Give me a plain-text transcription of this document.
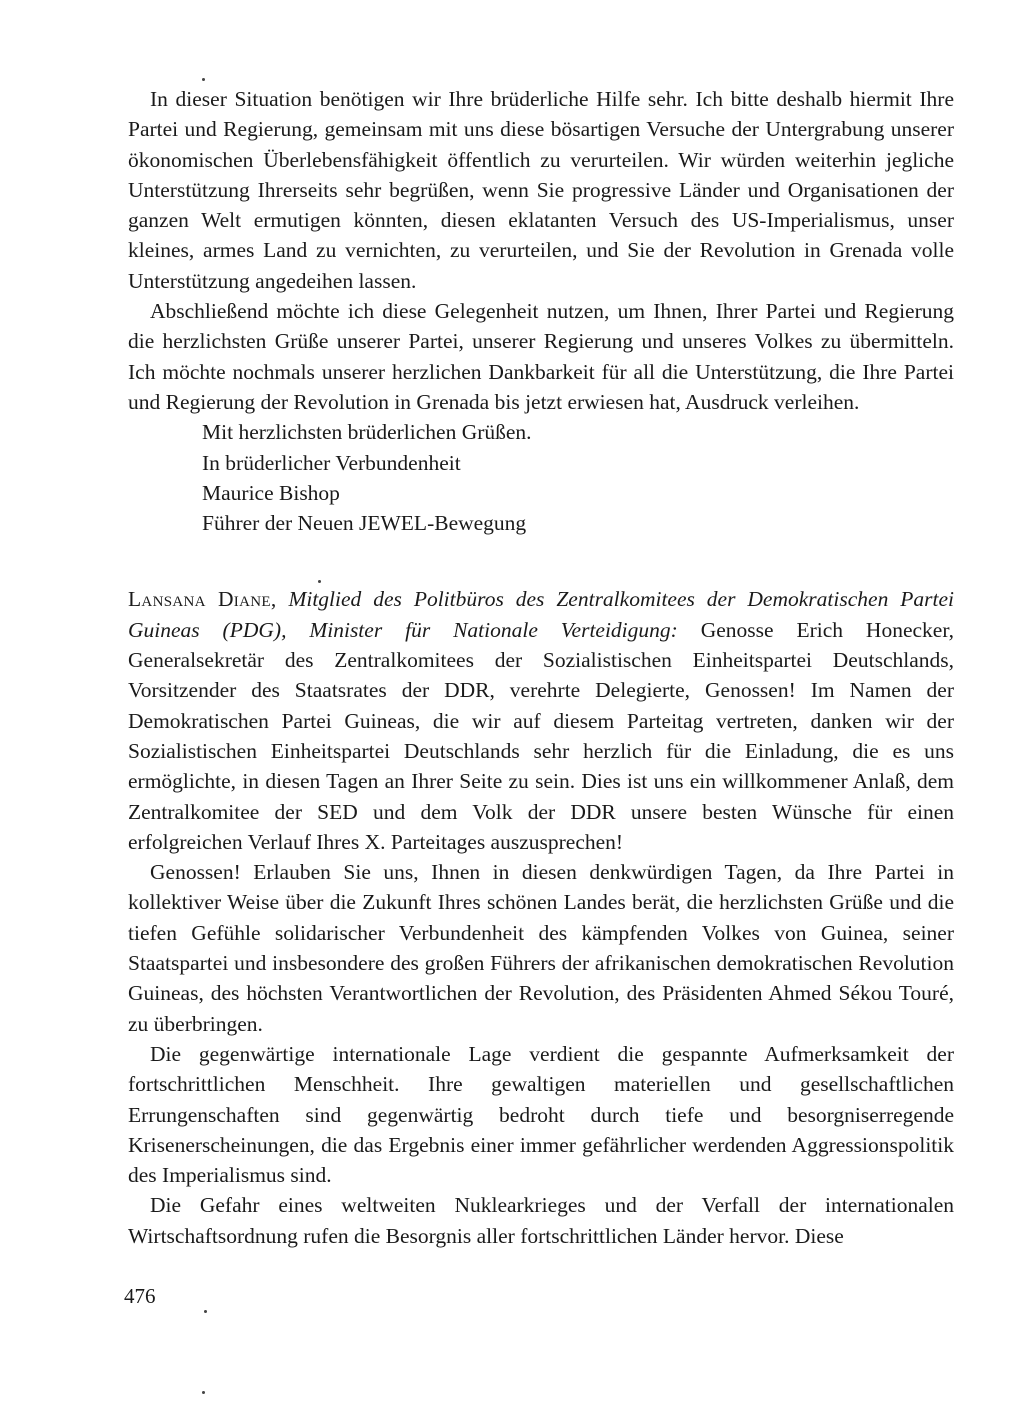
In dieser Situation benötigen wir Ihre brüderliche Hilfe sehr. Ich bitte deshalb hiermit Ihre Partei und Regierung, gemeinsam mit uns diese bösartigen Versuche der Untergrabung unserer ökonomischen Überlebensfähigkeit öffentlich zu verurteilen. Wir würden weiterhin jegliche Unterstützung Ihrerseits sehr begrüßen, wenn Sie progressive Länder und Organisationen der ganzen Welt ermutigen könnten, diesen eklatanten Versuch des US-Imperialismus, unser kleines, armes Land zu vernichten, zu verurteilen, und Sie der Revolution in Grenada volle Unterstützung angedeihen lassen.

Abschließend möchte ich diese Gelegenheit nutzen, um Ihnen, Ihrer Partei und Regierung die herzlichsten Grüße unserer Partei, unserer Regierung und unseres Volkes zu übermitteln. Ich möchte nochmals unserer herzlichen Dankbarkeit für all die Unterstützung, die Ihre Partei und Regierung der Revolution in Grenada bis jetzt erwiesen hat, Ausdruck verleihen.

Mit herzlichsten brüderlichen Grüßen.
In brüderlicher Verbundenheit
Maurice Bishop
Führer der Neuen JEWEL-Bewegung

Lansana Diane, Mitglied des Politbüros des Zentralkomitees der Demokratischen Partei Guineas (PDG), Minister für Nationale Verteidigung: Genosse Erich Honecker, Generalsekretär des Zentralkomitees der Sozialistischen Einheitspartei Deutschlands, Vorsitzender des Staatsrates der DDR, verehrte Delegierte, Genossen! Im Namen der Demokratischen Partei Guineas, die wir auf diesem Parteitag vertreten, danken wir der Sozialistischen Einheitspartei Deutschlands sehr herzlich für die Einladung, die es uns ermöglichte, in diesen Tagen an Ihrer Seite zu sein. Dies ist uns ein willkommener Anlaß, dem Zentralkomitee der SED und dem Volk der DDR unsere besten Wünsche für einen erfolgreichen Verlauf Ihres X. Parteitages auszusprechen!

Genossen! Erlauben Sie uns, Ihnen in diesen denkwürdigen Tagen, da Ihre Partei in kollektiver Weise über die Zukunft Ihres schönen Landes berät, die herzlichsten Grüße und die tiefen Gefühle solidarischer Verbundenheit des kämpfenden Volkes von Guinea, seiner Staatspartei und insbesondere des großen Führers der afrikanischen demokratischen Revolution Guineas, des höchsten Verantwortlichen der Revolution, des Präsidenten Ahmed Sékou Touré, zu überbringen.

Die gegenwärtige internationale Lage verdient die gespannte Aufmerksamkeit der fortschrittlichen Menschheit. Ihre gewaltigen materiellen und gesellschaftlichen Errungenschaften sind gegenwärtig bedroht durch tiefe und besorgniserregende Krisenerscheinungen, die das Ergebnis einer immer gefährlicher werdenden Aggressionspolitik des Imperialismus sind.

Die Gefahr eines weltweiten Nuklearkrieges und der Verfall der internationalen Wirtschaftsordnung rufen die Besorgnis aller fortschrittlichen Länder hervor. Diese

476
